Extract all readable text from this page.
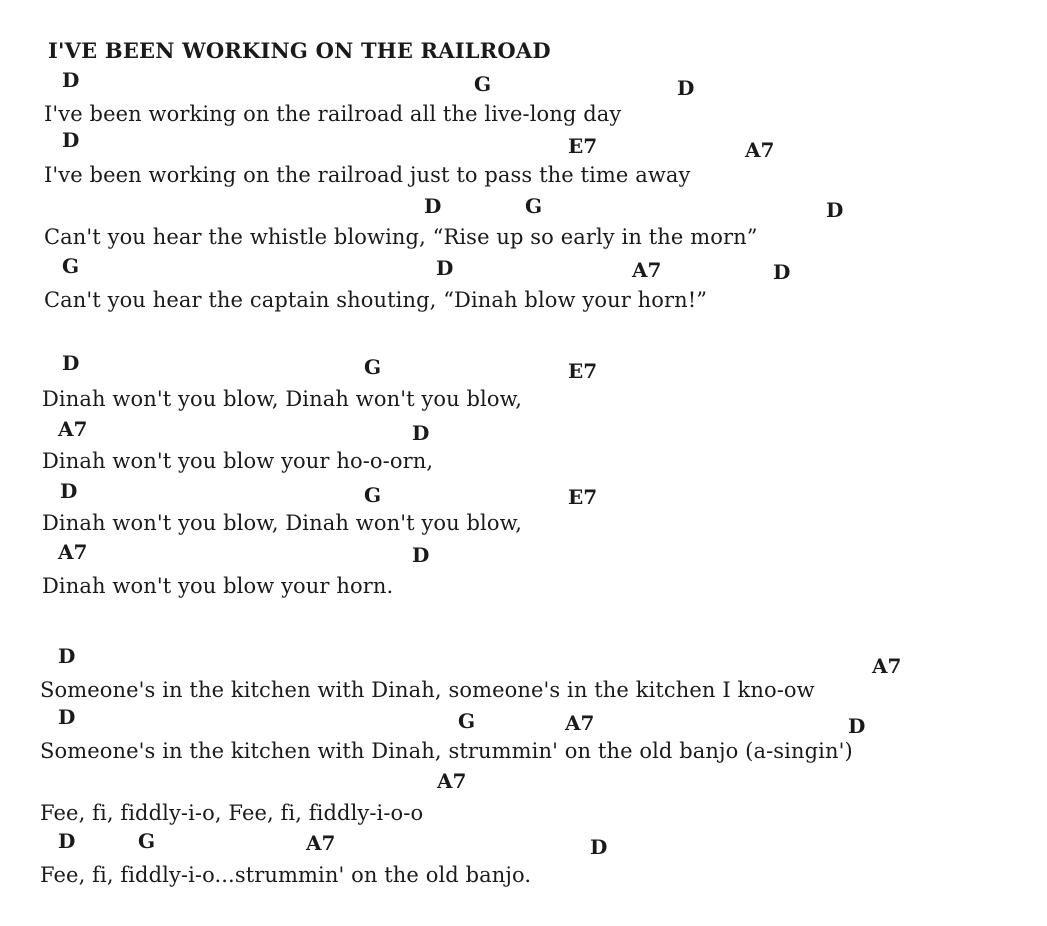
I'VE BEEN WORKING ON THE RAILROAD
D	G	D
I've been working on the railroad all the live-long day
D	E7	A7
I've been working on the railroad just to pass the time away
D	G	D
Can't you hear the whistle blowing, “Rise up so early in the morn”
G	D	A7	D
Can't you hear the captain shouting, “Dinah blow your horn!”
D	G	E7
Dinah won't you blow, Dinah won't you blow,
A7	D
Dinah won't you blow your ho-o-orn,
D	G	E7
Dinah won't you blow, Dinah won't you blow,
A7	D
Dinah won't you blow your horn.
D	A7
Someone's in the kitchen with Dinah, someone's in the kitchen I kno-ow
D	G	A7	D
Someone's in the kitchen with Dinah, strummin' on the old banjo (a-singin')
A7
Fee, fi, fiddly-i-o, Fee, fi, fiddly-i-o-o
D	G	A7	D
Fee, fi, fiddly-i-o...strummin' on the old banjo.
